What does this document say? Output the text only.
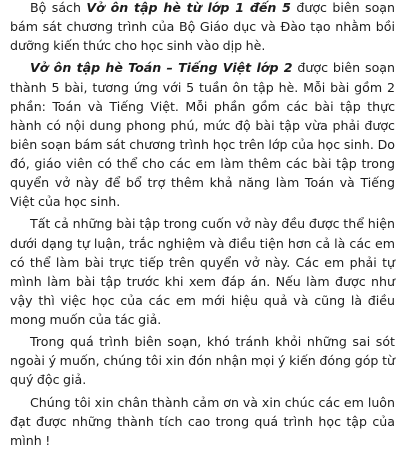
Bộ sách Vở ôn tập hè từ lớp 1 đến 5 được biên soạn bám sát chương trình của Bộ Giáo dục và Đào tạo nhằm bồi dưỡng kiến thức cho học sinh vào dịp hè.

Vở ôn tập hè Toán – Tiếng Việt lớp 2 được biên soạn thành 5 bài, tương ứng với 5 tuần ôn tập hè. Mỗi bài gồm 2 phần: Toán và Tiếng Việt. Mỗi phần gồm các bài tập thực hành có nội dung phong phú, mức độ bài tập vừa phải được biên soạn bám sát chương trình học trên lớp của học sinh. Do đó, giáo viên có thể cho các em làm thêm các bài tập trong quyển vở này để bổ trợ thêm khả năng làm Toán và Tiếng Việt của học sinh.

Tất cả những bài tập trong cuốn vở này đều được thể hiện dưới dạng tự luận, trắc nghiệm và điều tiện hơn cả là các em có thể làm bài trực tiếp trên quyển vở này. Các em phải tự mình làm bài tập trước khi xem đáp án. Nếu làm được như vậy thì việc học của các em mới hiệu quả và cũng là điều mong muốn của tác giả.

Trong quá trình biên soạn, khó tránh khỏi những sai sót ngoài ý muốn, chúng tôi xin đón nhận mọi ý kiến đóng góp từ quý độc giả.

Chúng tôi xin chân thành cảm ơn và xin chúc các em luôn đạt được những thành tích cao trong quá trình học tập của mình !
